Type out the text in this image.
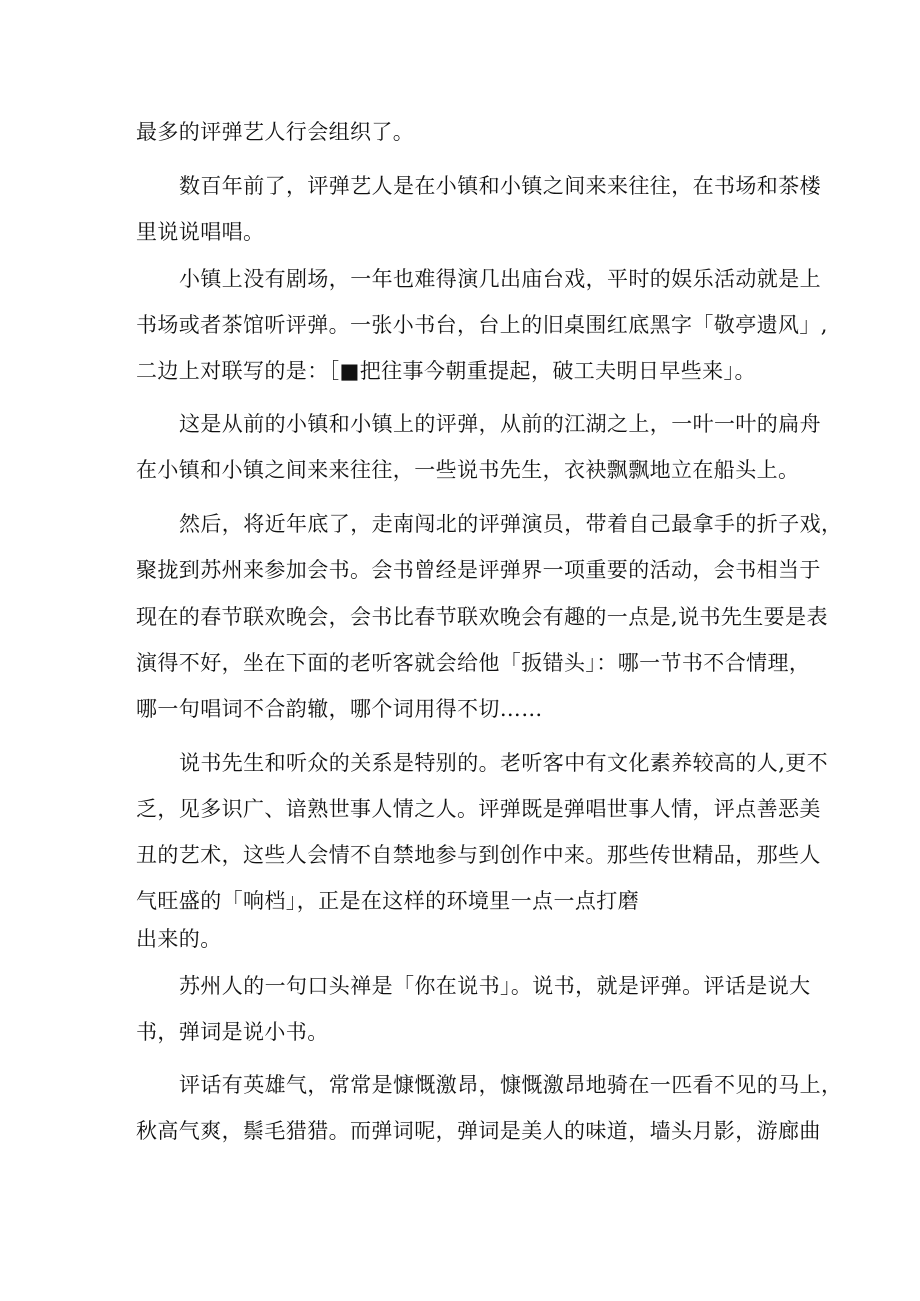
最多的评弹艺人行会组织了。
数百年前了，评弹艺人是在小镇和小镇之间来来往往，在书场和茶楼
里说说唱唱。
小镇上没有剧场，一年也难得演几出庙台戏，平时的娱乐活动就是上
书场或者茶馆听评弹。一张小书台，台上的旧桌围红底黑字「敬亭遗风」,
二边上对联写的是：［■把往事今朝重提起，破工夫明日早些来」。
这是从前的小镇和小镇上的评弹，从前的江湖之上，一叶一叶的扁舟
在小镇和小镇之间来来往往，一些说书先生，衣袂飘飘地立在船头上。
然后，将近年底了，走南闯北的评弹演员，带着自己最拿手的折子戏，
聚拢到苏州来参加会书。会书曾经是评弹界一项重要的活动，会书相当于
现在的春节联欢晚会，会书比春节联欢晚会有趣的一点是,说书先生要是表
演得不好，坐在下面的老听客就会给他「扳错头」：哪一节书不合情理，
哪一句唱词不合韵辙，哪个词用得不切……
说书先生和听众的关系是特别的。老听客中有文化素养较高的人,更不
乏，见多识广、谙熟世事人情之人。评弹既是弹唱世事人情，评点善恶美
丑的艺术，这些人会情不自禁地参与到创作中来。那些传世精品，那些人
气旺盛的「响档」，正是在这样的环境里一点一点打磨
出来的。
苏州人的一句口头禅是「你在说书」。说书，就是评弹。评话是说大
书，弹词是说小书。
评话有英雄气，常常是慷慨激昂，慷慨激昂地骑在一匹看不见的马上，
秋高气爽，鬃毛猎猎。而弹词呢，弹词是美人的味道，墙头月影，游廊曲
